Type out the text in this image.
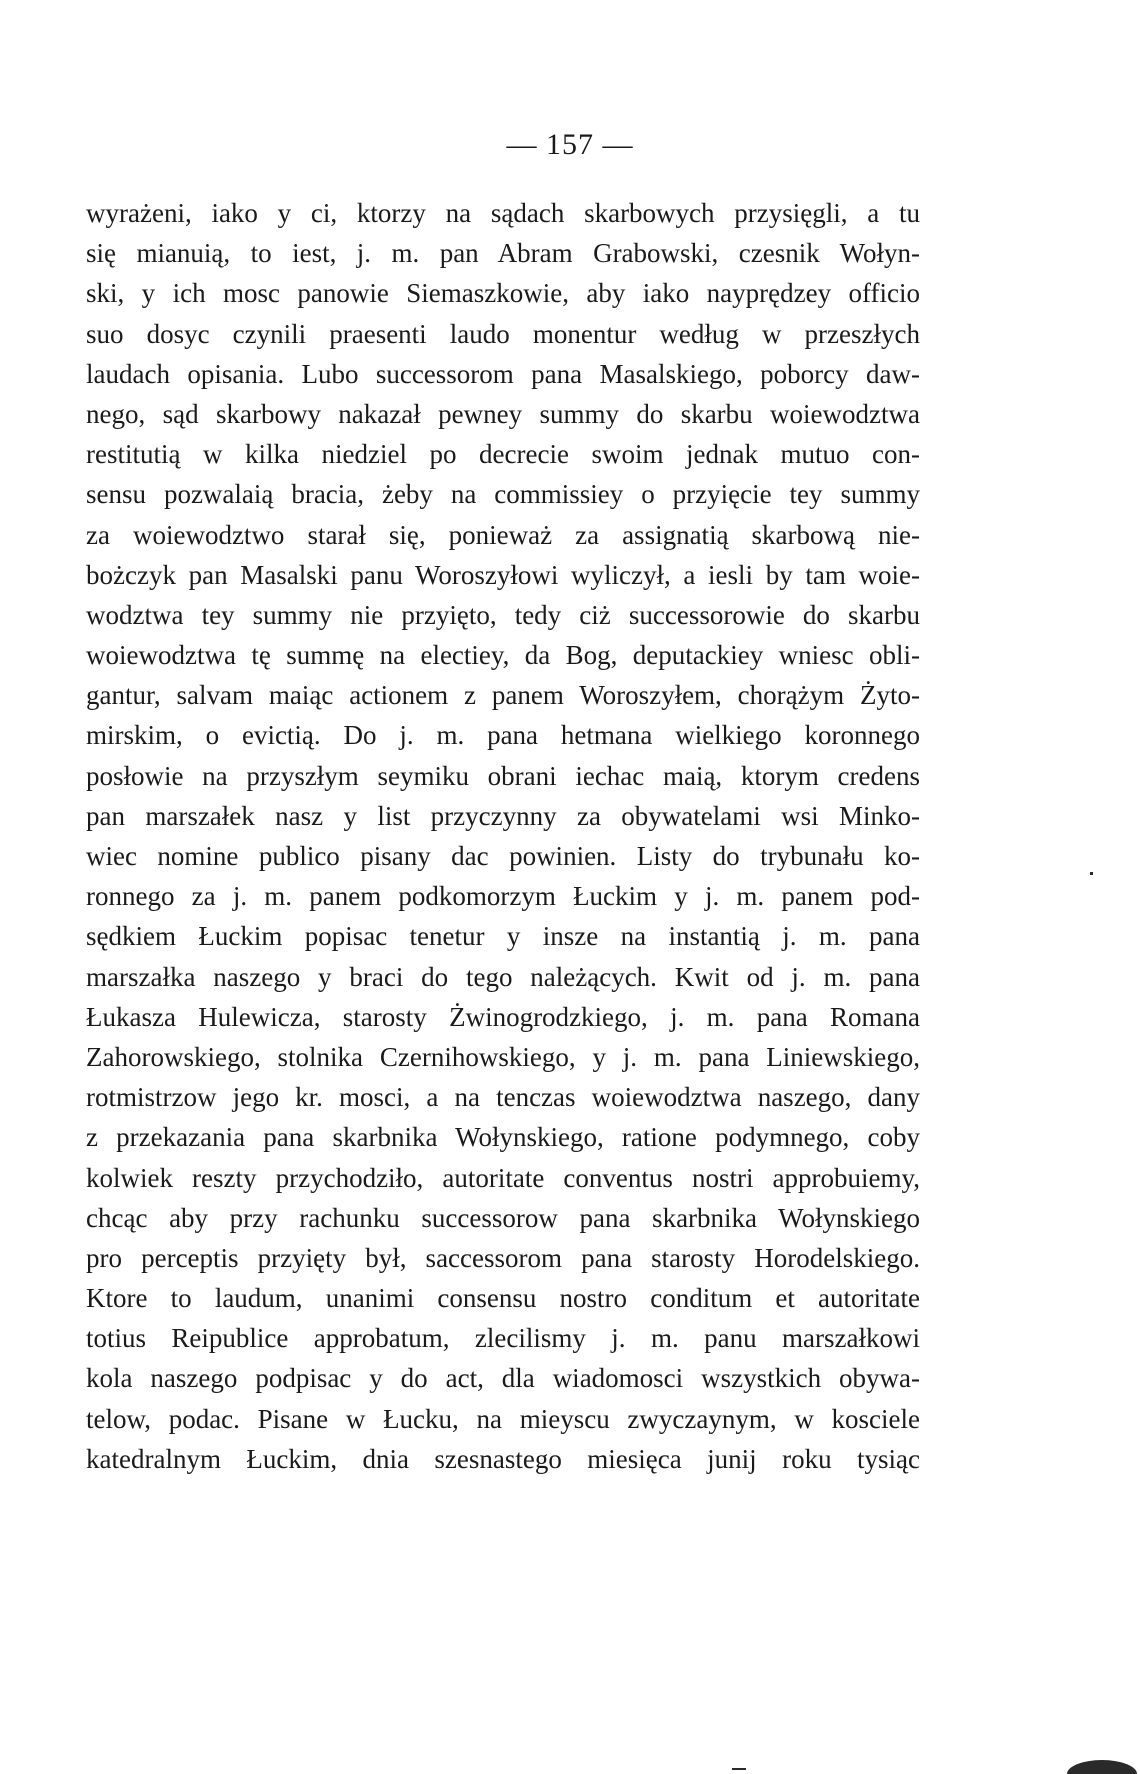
— 157 —
wyrażeni, iako y ci, ktorzy na sądach skarbowych przysięgli, a tu
się mianuią, to iest, j. m. pan Abram Grabowski, czesnik Wołyn-
ski, y ich mosc panowie Siemaszkowie, aby iako nayprędzey officio
suo dosyc czynili praesenti laudo monentur według w przeszłych
laudach opisania. Lubo successorom pana Masalskiego, poborcy daw-
nego, sąd skarbowy nakazał pewney summy do skarbu woiewodztwa
restitutią w kilka niedziel po decrecie swoim jednak mutuo con-
sensu pozwalaią bracia, żeby na commissiey o przyięcie tey summy
za woiewodztwo starał się, ponieważ za assignatią skarbową nie-
bożczyk pan Masalski panu Woroszyłowi wyliczył, a iesli by tam woie-
wodztwa tey summy nie przyięto, tedy ciż successorowie do skarbu
woiewodztwa tę summę na electiey, da Bog, deputackiey wniesc obli-
gantur, salvam maiąc actionem z panem Woroszyłem, chorążym Żyto-
mirskim, o evictią. Do j. m. pana hetmana wielkiego koronnego
posłowie na przyszłym seymiku obrani iechac maią, ktorym credens
pan marszałek nasz y list przyczynny za obywatelami wsi Minko-
wiec nomine publico pisany dac powinien. Listy do trybunału ko-
ronnego za j. m. panem podkomorzym Łuckim y j. m. panem pod-
sędkiem Łuckim popisac tenetur y insze na instantią j. m. pana
marszałka naszego y braci do tego należących. Kwit od j. m. pana
Łukasza Hulewicza, starosty Żwinogrodzkiego, j. m. pana Romana
Zahorowskiego, stolnika Czernihowskiego, y j. m. pana Liniewskiego,
rotmistrzow jego kr. mosci, a na tenczas woiewodztwa naszego, dany
z przekazania pana skarbnika Wołynskiego, ratione podymnego, coby
kolwiek reszty przychodziło, autoritate conventus nostri approbuiemy,
chcąc aby przy rachunku successorow pana skarbnika Wołynskiego
pro perceptis przyięty był, saccessorom pana starosty Horodelskiego.
Ktore to laudum, unanimi consensu nostro conditum et autoritate
totius Reipublice approbatum, zlecilismy j. m. panu marszałkowi
kola naszego podpisac y do act, dla wiadomosci wszystkich obywa-
telow, podac. Pisane w Łucku, na mieyscu zwyczaynym, w kosciele
katedralnym Łuckim, dnia szesnastego miesięca junij roku tysiąc
